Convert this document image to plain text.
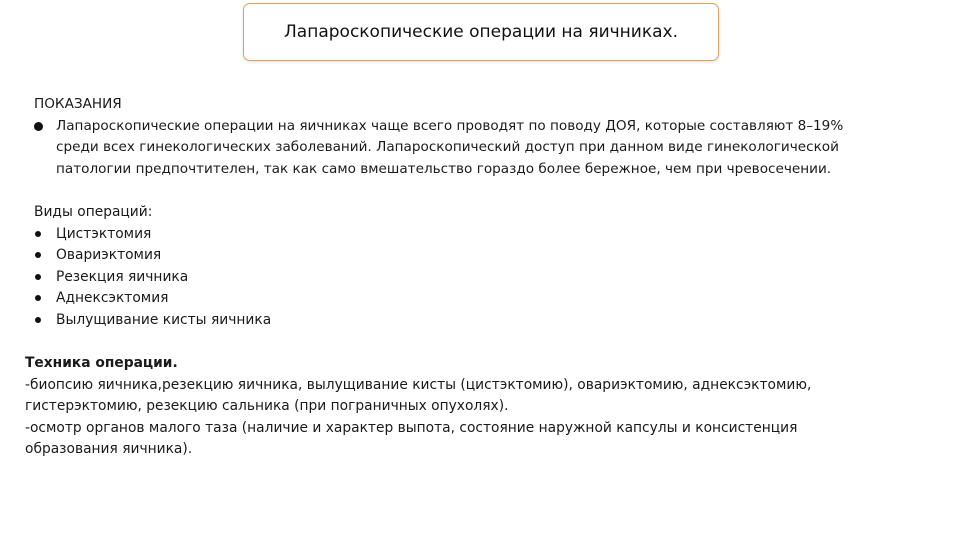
Лапароскопические операции на яичниках.
ПОКАЗАНИЯ
Лапароскопические операции на яичниках чаще всего проводят по поводу ДОЯ, которые составляют 8–19%
среди всех гинекологических заболеваний. Лапароскопический доступ при данном виде гинекологической
патологии предпочтителен, так как само вмешательство гораздо более бережное, чем при чревосечении.
Виды операций:
Цистэктомия
Овариэктомия
Резекция яичника
Аднексэктомия
Вылущивание кисты яичника
Техника операции.
-биопсию яичника,резекцию яичника, вылущивание кисты (цистэктомию), овариэктомию, аднексэктомию,
гистерэктомию, резекцию сальника (при пограничных опухолях).
-осмотр органов малого таза (наличие и характер выпота, состояние наружной капсулы и консистенция
образования яичника).
